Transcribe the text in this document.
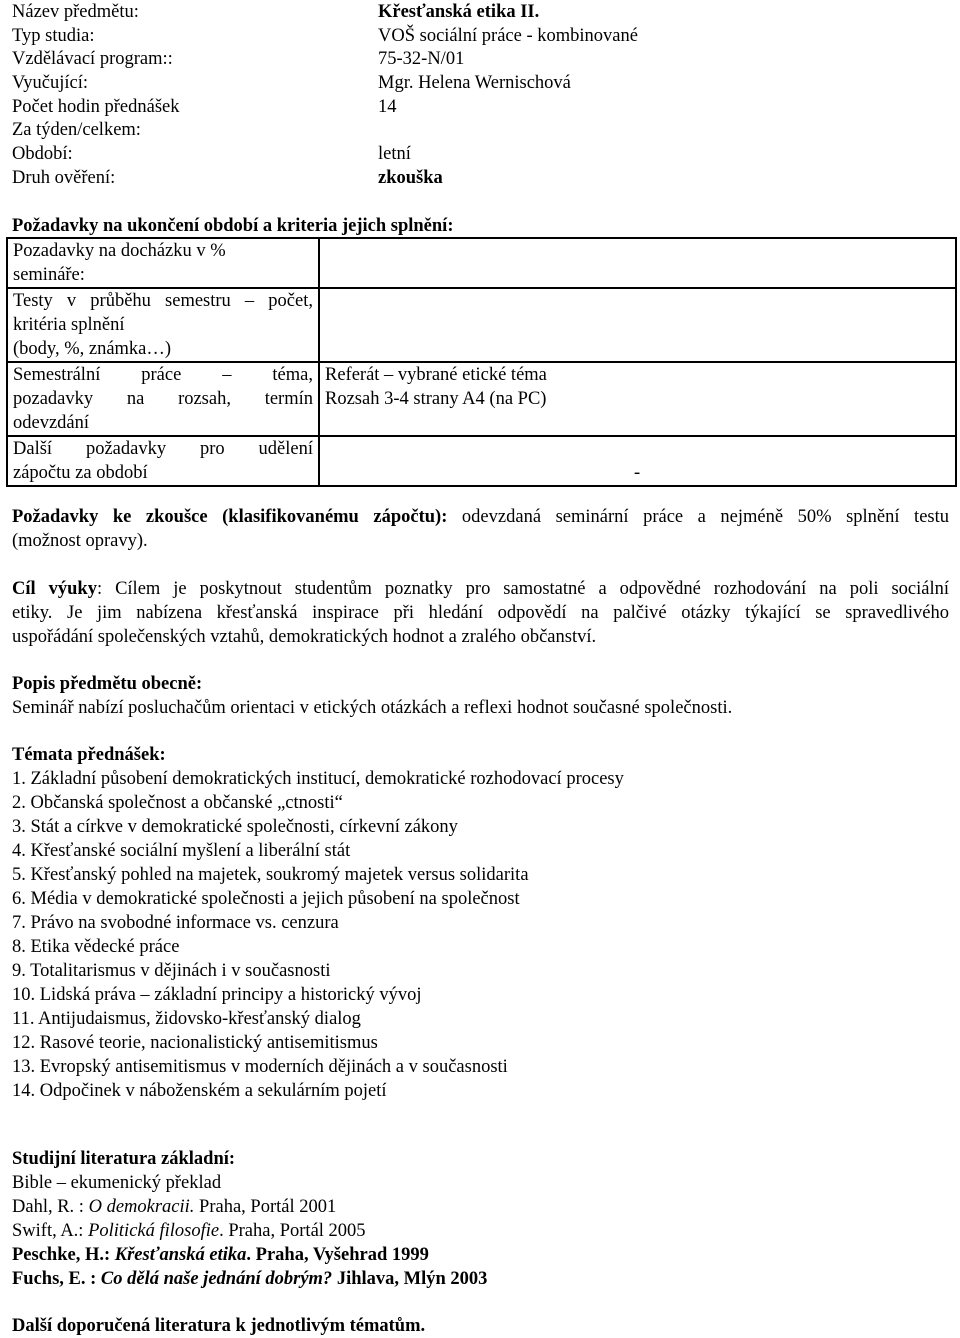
Název předmětu:	Křesťanská etika II.
Typ studia:	VOŠ sociální práce - kombinované
Vzdělávací program::	75-32-N/01
Vyučující:	Mgr. Helena Wernischová
Počet hodin přednášek	14
Za týden/celkem:
Období:	letní
Druh ověření:	zkouška
Požadavky na ukončení období a kriteria jejich splnění:
Pozadavky na docházku v %
semináře:	

Testy v průběhu semestru – počet,
kritéria splnění
(body, %, známka…)	

Semestrální práce – téma,
pozadavky na rozsah, termín
odevzdání	Referát – vybrané etické téma
Rozsah 3-4 strany A4 (na PC)

Další požadavky pro udělení
zápočtu za období	-
Požadavky ke zkoušce (klasifikovanému zápočtu): odevzdaná seminární práce a nejméně 50% splnění testu
(možnost opravy).
Cíl výuky: Cílem je poskytnout studentům poznatky pro samostatné a odpovědné rozhodování na poli sociální
etiky. Je jim nabízena křesťanská inspirace při hledání odpovědí na palčivé otázky týkající se spravedlivého
uspořádání společenských vztahů, demokratických hodnot a zralého občanství.
Popis předmětu obecně:
Seminář nabízí posluchačům orientaci v etických otázkách a reflexi hodnot současné společnosti.
Témata přednášek:
1. Základní působení demokratických institucí, demokratické rozhodovací procesy
2. Občanská společnost a občanské „ctnosti“
3. Stát a církve v demokratické společnosti, církevní zákony
4. Křesťanské sociální myšlení a liberální stát
5. Křesťanský pohled na majetek, soukromý majetek versus solidarita
6. Média v demokratické společnosti a jejich působení na společnost
7. Právo na svobodné informace vs. cenzura
8. Etika vědecké práce
9. Totalitarismus v dějinách i v současnosti
10. Lidská práva – základní principy a historický vývoj
11. Antijudaismus, židovsko-křesťanský dialog
12. Rasové teorie, nacionalistický antisemitismus
13. Evropský antisemitismus v moderních dějinách a v současnosti
14. Odpočinek v náboženském a sekulárním pojetí
Studijní literatura základní:
Bible – ekumenický překlad
Dahl, R. : O demokracii. Praha, Portál 2001
Swift, A.: Politická filosofie. Praha, Portál 2005
Peschke, H.: Křesťanská etika. Praha, Vyšehrad 1999
Fuchs, E. : Co dělá naše jednání dobrým? Jihlava, Mlýn 2003
Další doporučená literatura k jednotlivým tématům.
